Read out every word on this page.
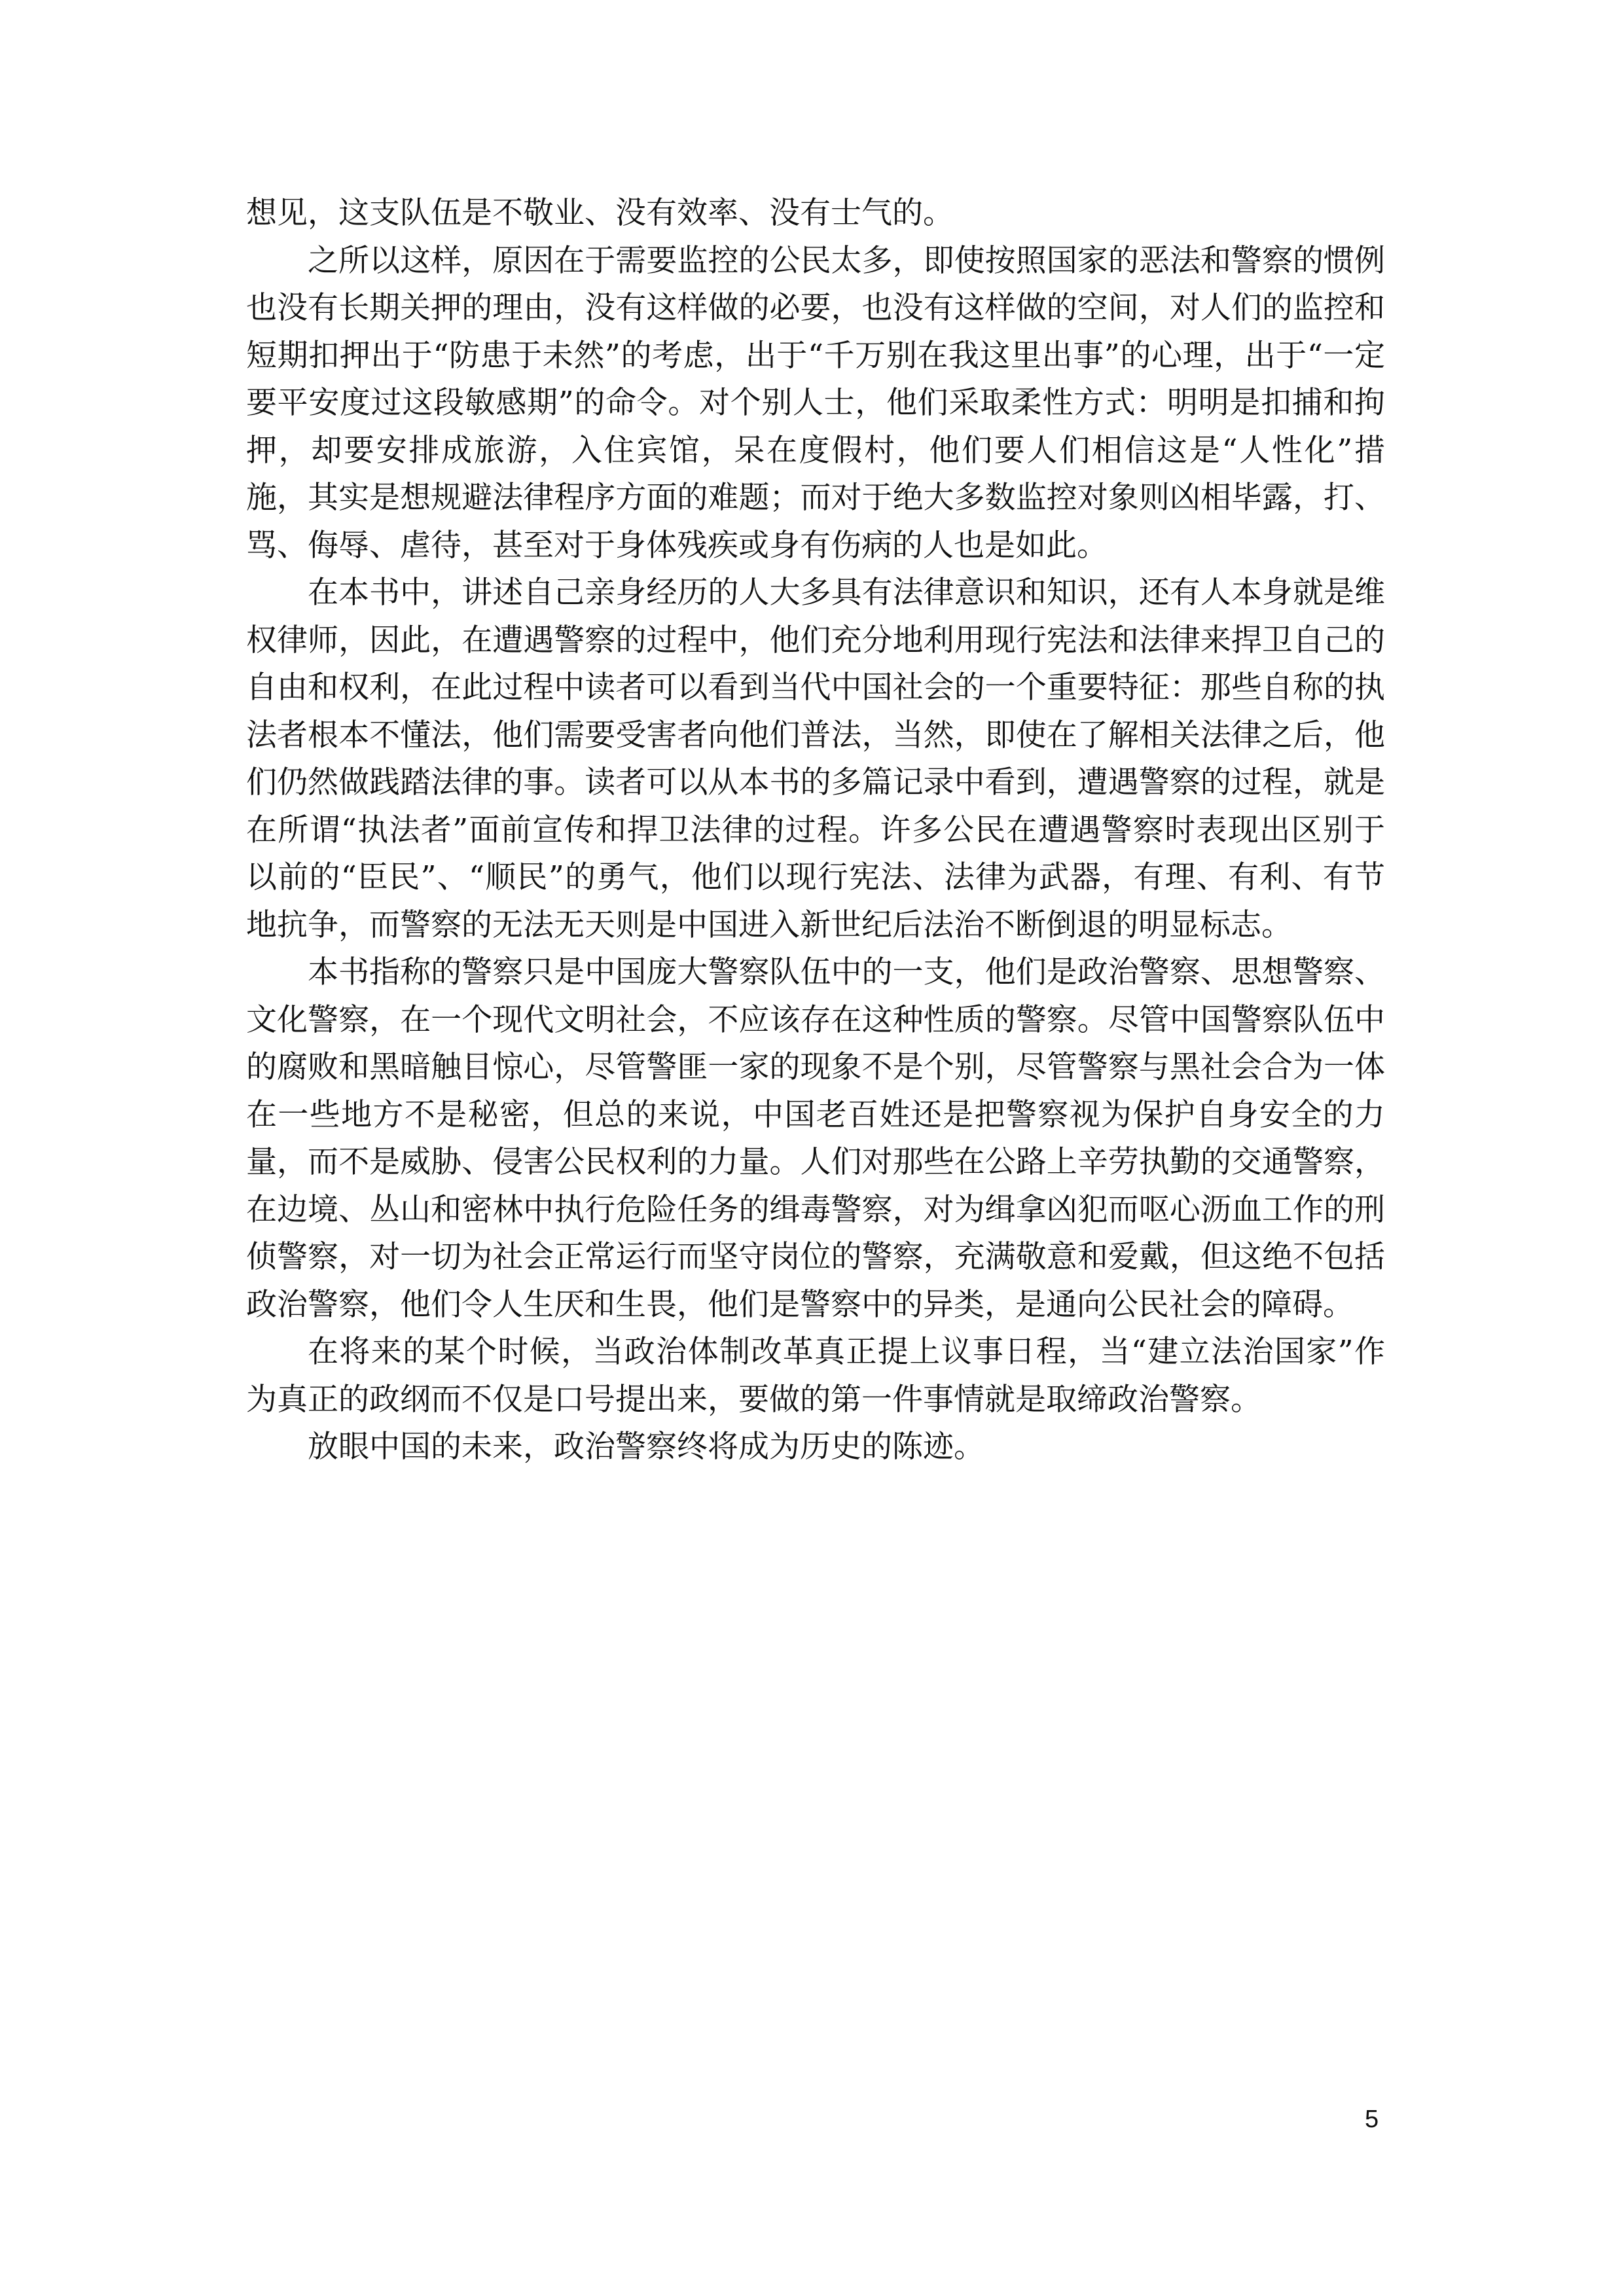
想见，这支队伍是不敬业、没有效率、没有士气的。

之所以这样，原因在于需要监控的公民太多，即使按照国家的恶法和警察的惯例也没有长期关押的理由，没有这样做的必要，也没有这样做的空间，对人们的监控和短期扣押出于“防患于未然”的考虑，出于“千万别在我这里出事”的心理，出于“一定要平安度过这段敏感期”的命令。对个别人士，他们采取柔性方式：明明是扣捕和拘押，却要安排成旅游，入住宾馆，呆在度假村，他们要人们相信这是“人性化”措施，其实是想规避法律程序方面的难题；而对于绝大多数监控对象则凶相毕露，打、骂、侮辱、虐待，甚至对于身体残疾或身有伤病的人也是如此。

在本书中，讲述自己亲身经历的人大多具有法律意识和知识，还有人本身就是维权律师，因此，在遭遇警察的过程中，他们充分地利用现行宪法和法律来捍卫自己的自由和权利，在此过程中读者可以看到当代中国社会的一个重要特征：那些自称的执法者根本不懂法，他们需要受害者向他们普法，当然，即使在了解相关法律之后，他们仍然做践踏法律的事。读者可以从本书的多篇记录中看到，遭遇警察的过程，就是在所谓“执法者”面前宣传和捍卫法律的过程。许多公民在遭遇警察时表现出区别于以前的“臣民”、“顺民”的勇气，他们以现行宪法、法律为武器，有理、有利、有节地抗争，而警察的无法无天则是中国进入新世纪后法治不断倒退的明显标志。

本书指称的警察只是中国庞大警察队伍中的一支，他们是政治警察、思想警察、文化警察，在一个现代文明社会，不应该存在这种性质的警察。尽管中国警察队伍中的腐败和黑暗触目惊心，尽管警匪一家的现象不是个别，尽管警察与黑社会合为一体在一些地方不是秘密，但总的来说，中国老百姓还是把警察视为保护自身安全的力量，而不是威胁、侵害公民权利的力量。人们对那些在公路上辛劳执勤的交通警察，在边境、丛山和密林中执行危险任务的缉毒警察，对为缉拿凶犯而呕心沥血工作的刑侦警察，对一切为社会正常运行而坚守岗位的警察，充满敬意和爱戴，但这绝不包括政治警察，他们令人生厌和生畏，他们是警察中的异类，是通向公民社会的障碍。

在将来的某个时候，当政治体制改革真正提上议事日程，当“建立法治国家”作为真正的政纲而不仅是口号提出来，要做的第一件事情就是取缔政治警察。

放眼中国的未来，政治警察终将成为历史的陈迹。

5
